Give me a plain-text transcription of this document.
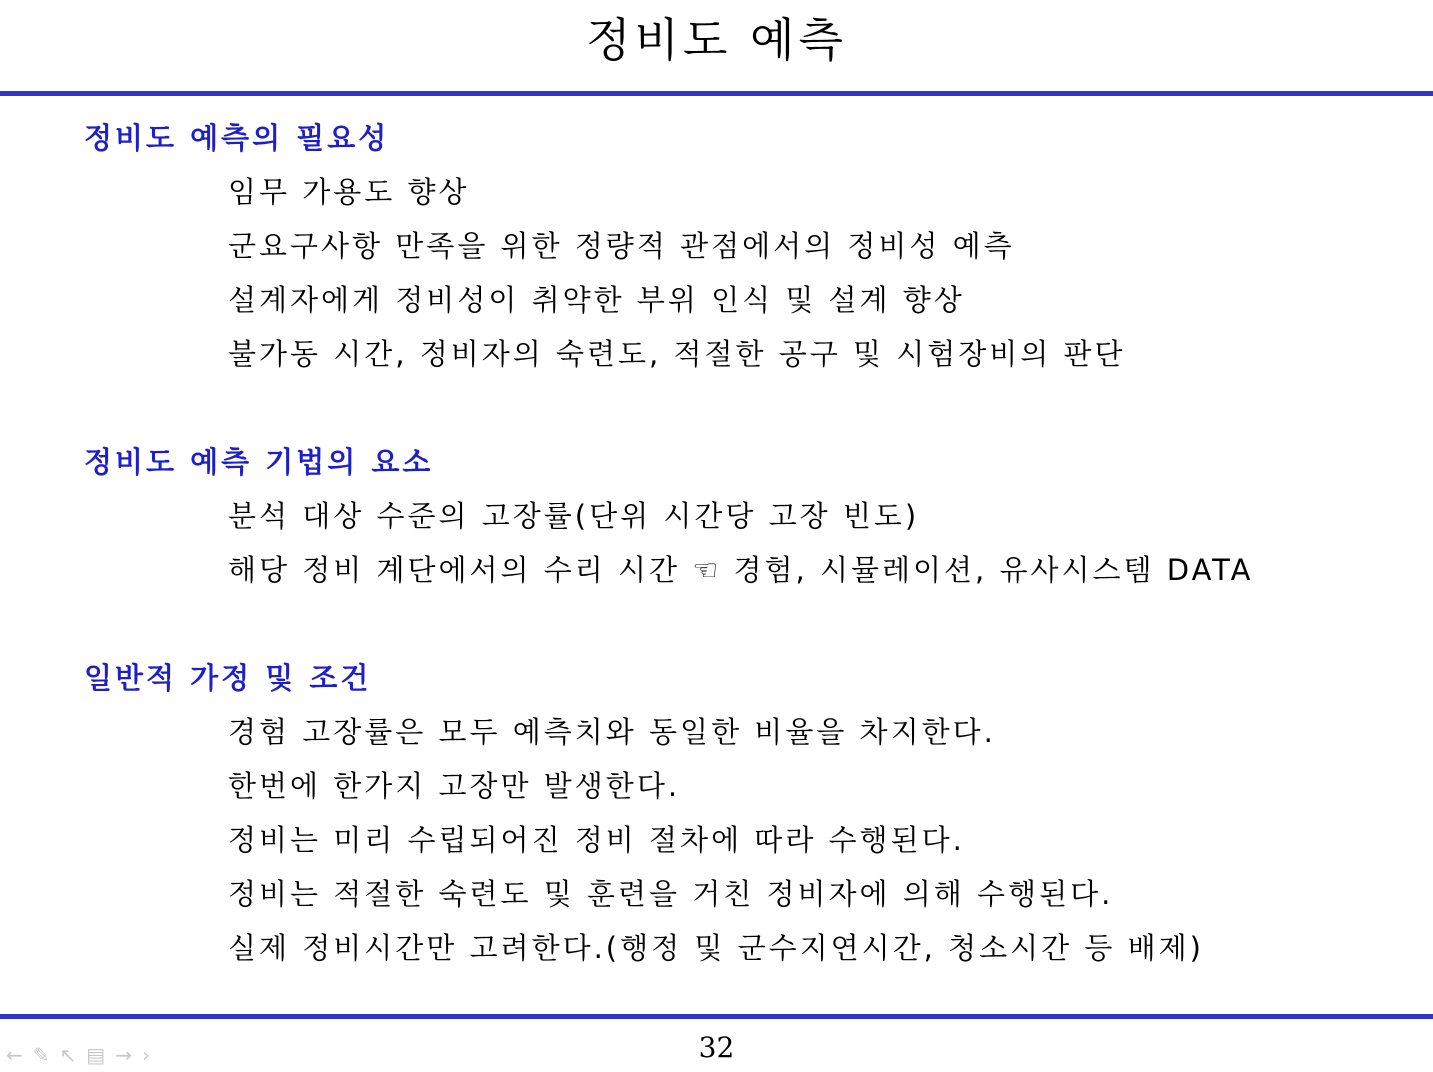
정비도 예측
정비도 예측의 필요성
임무 가용도 향상
군요구사항 만족을 위한 정량적 관점에서의 정비성 예측
설계자에게 정비성이 취약한 부위 인식 및 설계 향상
불가동 시간, 정비자의 숙련도, 적절한 공구 및 시험장비의 판단
정비도 예측 기법의 요소
분석 대상 수준의 고장률(단위 시간당 고장 빈도)
해당 정비 계단에서의 수리 시간 ☜ 경험, 시뮬레이션, 유사시스템 DATA
일반적 가정 및 조건
경험 고장률은 모두 예측치와 동일한 비율을 차지한다.
한번에 한가지 고장만 발생한다.
정비는 미리 수립되어진 정비 절차에 따라 수행된다.
정비는 적절한 숙련도 및 훈련을 거친 정비자에 의해 수행된다.
실제 정비시간만 고려한다.(행정 및 군수지연시간, 청소시간 등 배제)
32
← ✎ ↖ ▤ → ›
